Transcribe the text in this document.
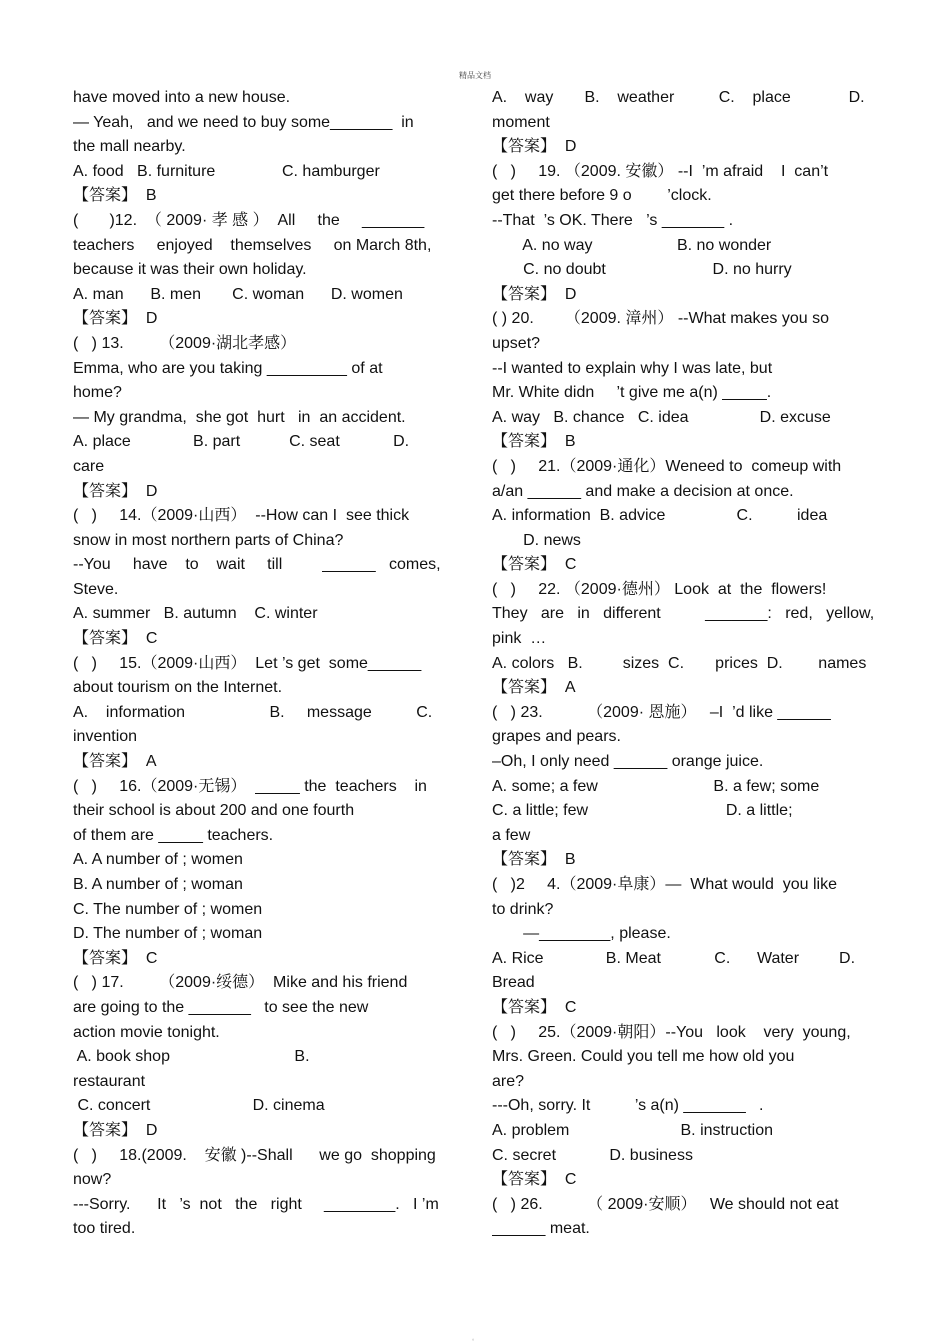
精品文档
have moved into a new house.
— Yeah,   and we need to buy some_______  in
the mall nearby.
A. food   B. furniture               C. hamburger
【答案】  B
(       )12.  （ 2009· 孝 感 ）  All     the     _______
teachers     enjoyed    themselves     on March 8th,
because it was their own holiday.
A. man      B. men       C. woman      D. women
【答案】  D
(   ) 13.        （2009·湖北孝感）
Emma, who are you taking _________ of at
home?
— My grandma,  she got  hurt   in  an accident.
A. place              B. part           C. seat            D.
care
【答案】  D
(   )     14.（2009·山西）  --How can I  see thick
snow in most northern parts of China?
--You     have    to    wait     till         ______   comes,
Steve.
A. summer   B. autumn    C. winter
【答案】  C
(   )     15.（2009·山西）  Let ’s get  some______
about tourism on the Internet.
A.    information                   B.     message          C.
invention
【答案】  A
(   )     16.（2009·无锡）  _____ the  teachers    in
their school is about 200 and one fourth
of them are _____ teachers.
A. A number of ; women
B. A number of ; woman
C. The number of ; women
D. The number of ; woman
【答案】  C
(   ) 17.        （2009·绥德）  Mike and his friend
are going to the _______   to see the new
action movie tonight.
A. book shop                            B.
restaurant
C. concert                       D. cinema
【答案】  D
(   )     18.(2009.    安徽 )--Shall      we go  shopping
now?
---Sorry.      It   ’s  not   the   right     ________.   I ’m
too tired.
A.    way       B.    weather          C.    place             D.
moment
【答案】  D
(   )     19. （2009. 安徽） --I  ’m afraid    I  can’t
get there before 9 o        ’clock.
--That  ’s OK. There   ’s _______ .
A. no way                   B. no wonder
C. no doubt                        D. no hurry
【答案】  D
( ) 20.       （2009. 漳州） --What makes you so
upset?
--I wanted to explain why I was late, but
Mr. White didn     ’t give me a(n) _____.
A. way   B. chance   C. idea                D. excuse
【答案】  B
(   )     21.（2009·通化）Weneed to  comeup with
a/an ______ and make a decision at once.
A. information  B. advice                C.          idea
D. news
【答案】  C
(   )     22. （2009·德州） Look  at  the  flowers!
They   are   in   different          _______:   red,   yellow,
pink  …
A. colors   B.         sizes  C.       prices  D.        names
【答案】  A
(   ) 23.          （2009· 恩施）   –I  ’d like ______
grapes and pears.
–Oh, I only need ______ orange juice.
A. some; a few                          B. a few; some
C. a little; few                               D. a little;
a few
【答案】  B
(   )2     4.（2009·阜康）—  What would  you like
to drink?
—________, please.
A. Rice              B. Meat            C.      Water         D.
Bread
【答案】  C
(   )     25.（2009·朝阳）--You   look    very  young,
Mrs. Green. Could you tell me how old you
are?
---Oh, sorry. It          ’s a(n) _______   .
A. problem                         B. instruction
C. secret            D. business
【答案】  C
(   ) 26.          （ 2009·安顺）   We should not eat
______ meat.
。
